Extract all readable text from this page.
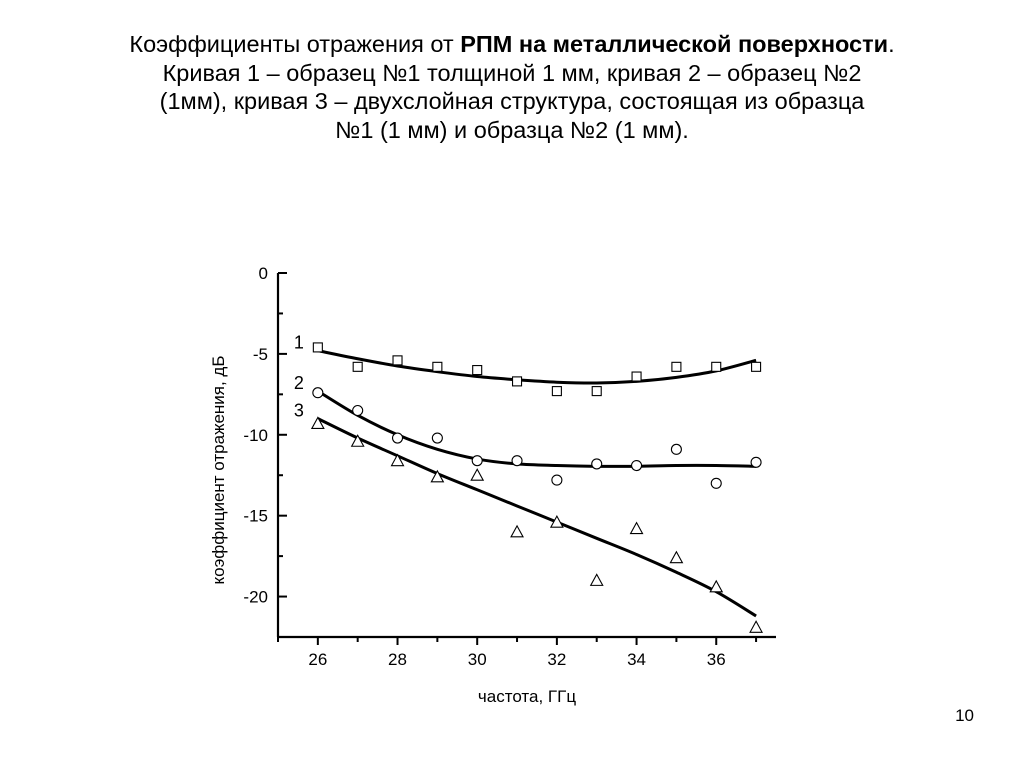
Коэффициенты отражения от РПМ на металлической поверхности.

Кривая 1 – образец №1 толщиной 1 мм, кривая 2 – образец №2

(1мм), кривая 3 – двухслойная структура, состоящая из образца

№1 (1 мм) и образца №2 (1 мм).

26	28	30	32	34	36
0
-5
-10
-15
-20
1
2
3
частота, ГГц
коэффициент отражения, дБ
10
